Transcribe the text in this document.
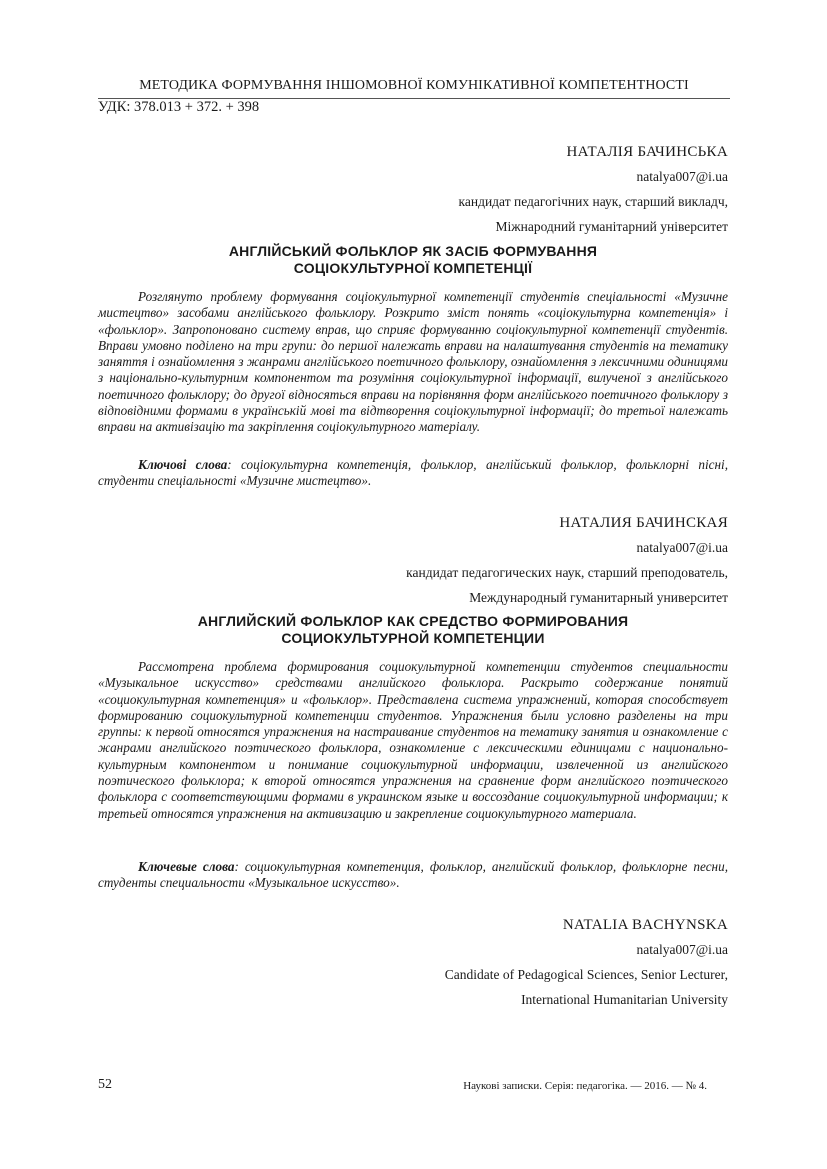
МЕТОДИКА ФОРМУВАННЯ ІНШОМОВНОЇ КОМУНІКАТИВНОЇ КОМПЕТЕНТНОСТІ
УДК: 378.013 + 372. + 398
НАТАЛІЯ БАЧИНСЬКА
natalya007@i.ua
кандидат педагогічних наук, старший викладч,
Міжнародний гуманітарний університет
АНГЛІЙСЬКИЙ ФОЛЬКЛОР ЯК ЗАСІБ ФОРМУВАННЯ
СОЦІОКУЛЬТУРНОЇ КОМПЕТЕНЦІЇ

Розглянуто проблему формування соціокультурної компетенції студентів спеціальності «Музичне мистецтво» засобами англійського фольклору. Розкрито зміст понять «соціокультурна компетенція» і «фольклор». Запропоновано систему вправ, що сприяє формуванню соціокультурної компетенції студентів. Вправи умовно поділено на три групи: до першої належать вправи на налаштування студентів на тематику заняття і ознайомлення з жанрами англійського поетичного фольклору, ознайомлення з лексичними одиницями з національно-культурним компонентом та розуміння соціокультурної інформації, вилученої з англійського поетичного фольклору; до другої відносяться вправи на порівняння форм англійського поетичного фольклору з відповідними формами в українській мові та відтворення соціокультурної інформації; до третьої належать вправи на активізацію та закріплення соціокультурного матеріалу.

Ключові слова: соціокультурна компетенція, фольклор, англійський фольклор, фольклорні пісні, студенти спеціальності «Музичне мистецтво».

НАТАЛИЯ БАЧИНСКАЯ
natalya007@i.ua
кандидат педагогических наук, старший преподователь,
Международный гуманитарный университет
АНГЛИЙСКИЙ ФОЛЬКЛОР КАК СРЕДСТВО ФОРМИРОВАНИЯ
СОЦИОКУЛЬТУРНОЙ КОМПЕТЕНЦИИ

Рассмотрена проблема формирования социокультурной компетенции студентов специальности «Музыкальное искусство» средствами английского фольклора. Раскрыто содержание понятий «социокультурная компетенция» и «фольклор». Представлена система упражнений, которая способствует формированию социокультурной компетенции студентов. Упражнения были условно разделены на три группы: к первой относятся упражнения на настраивание студентов на тематику занятия и ознакомление с жанрами английского поэтического фольклора, ознакомление с лексическими единицами с национально-культурным компонентом и понимание социокультурной информации, извлеченной из английского поэтического фольклора; к второй относятся упражнения на сравнение форм английского поэтического фольклора с соответствующими формами в украинском языке и воссоздание социокультурной информации; к третьей относятся упражнения на активизацию и закрепление социокультурного материала.

Ключевые слова: социокультурная компетенция, фольклор, английский фольклор, фольклорне песни, студенты специальности «Музыкальное искусство».

NATALIA BACHYNSKA
natalya007@i.ua
Candidate of Pedagogical Sciences, Senior Lecturer,
International Humanitarian University
52	Наукові записки. Серія: педагогіка. — 2016. — № 4.
